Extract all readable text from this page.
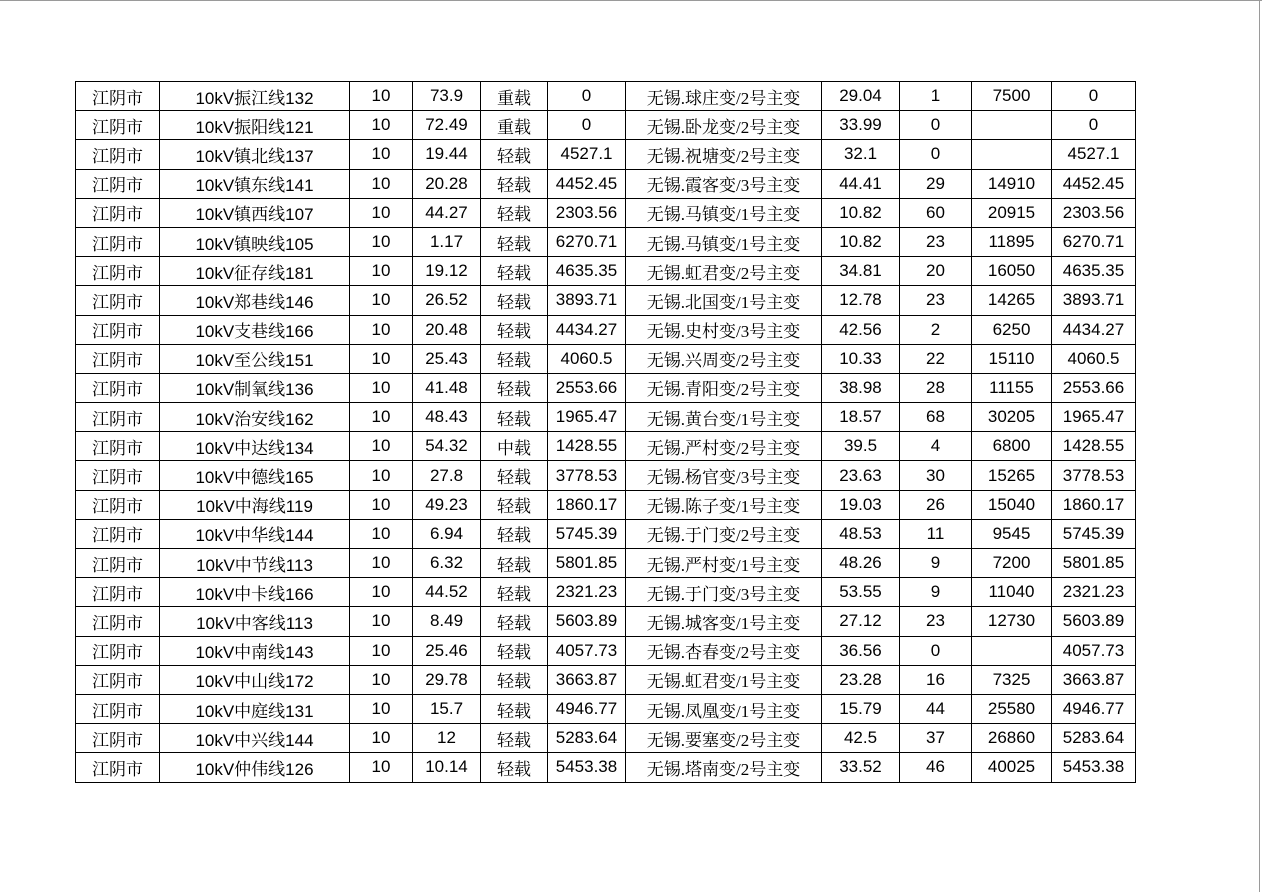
江阴市	10kV振江线132	10	73.9	重载	0	无锡.球庄变/2号主变	29.04	1	7500	0
江阴市	10kV振阳线121	10	72.49	重载	0	无锡.卧龙变/2号主变	33.99	0		0
江阴市	10kV镇北线137	10	19.44	轻载	4527.1	无锡.祝塘变/2号主变	32.1	0		4527.1
江阴市	10kV镇东线141	10	20.28	轻载	4452.45	无锡.霞客变/3号主变	44.41	29	14910	4452.45
江阴市	10kV镇西线107	10	44.27	轻载	2303.56	无锡.马镇变/1号主变	10.82	60	20915	2303.56
江阴市	10kV镇映线105	10	1.17	轻载	6270.71	无锡.马镇变/1号主变	10.82	23	11895	6270.71
江阴市	10kV征存线181	10	19.12	轻载	4635.35	无锡.虹君变/2号主变	34.81	20	16050	4635.35
江阴市	10kV郑巷线146	10	26.52	轻载	3893.71	无锡.北国变/1号主变	12.78	23	14265	3893.71
江阴市	10kV支巷线166	10	20.48	轻载	4434.27	无锡.史村变/3号主变	42.56	2	6250	4434.27
江阴市	10kV至公线151	10	25.43	轻载	4060.5	无锡.兴周变/2号主变	10.33	22	15110	4060.5
江阴市	10kV制氧线136	10	41.48	轻载	2553.66	无锡.青阳变/2号主变	38.98	28	11155	2553.66
江阴市	10kV治安线162	10	48.43	轻载	1965.47	无锡.黄台变/1号主变	18.57	68	30205	1965.47
江阴市	10kV中达线134	10	54.32	中载	1428.55	无锡.严村变/2号主变	39.5	4	6800	1428.55
江阴市	10kV中德线165	10	27.8	轻载	3778.53	无锡.杨官变/3号主变	23.63	30	15265	3778.53
江阴市	10kV中海线119	10	49.23	轻载	1860.17	无锡.陈子变/1号主变	19.03	26	15040	1860.17
江阴市	10kV中华线144	10	6.94	轻载	5745.39	无锡.于门变/2号主变	48.53	11	9545	5745.39
江阴市	10kV中节线113	10	6.32	轻载	5801.85	无锡.严村变/1号主变	48.26	9	7200	5801.85
江阴市	10kV中卡线166	10	44.52	轻载	2321.23	无锡.于门变/3号主变	53.55	9	11040	2321.23
江阴市	10kV中客线113	10	8.49	轻载	5603.89	无锡.城客变/1号主变	27.12	23	12730	5603.89
江阴市	10kV中南线143	10	25.46	轻载	4057.73	无锡.杏春变/2号主变	36.56	0		4057.73
江阴市	10kV中山线172	10	29.78	轻载	3663.87	无锡.虹君变/1号主变	23.28	16	7325	3663.87
江阴市	10kV中庭线131	10	15.7	轻载	4946.77	无锡.凤凰变/1号主变	15.79	44	25580	4946.77
江阴市	10kV中兴线144	10	12	轻载	5283.64	无锡.要塞变/2号主变	42.5	37	26860	5283.64
江阴市	10kV仲伟线126	10	10.14	轻载	5453.38	无锡.塔南变/2号主变	33.52	46	40025	5453.38
